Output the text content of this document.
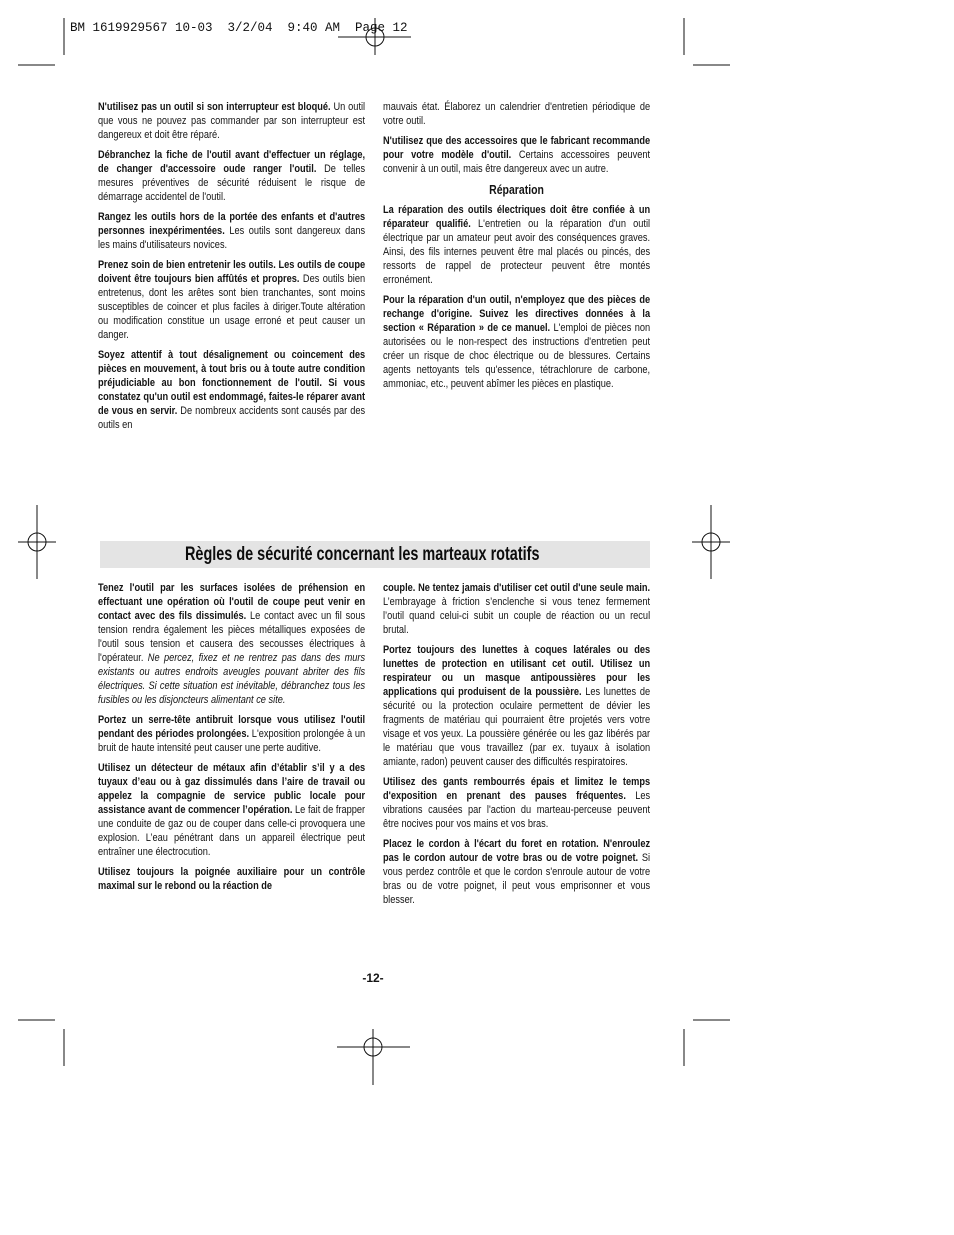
BM 1619929567 10-03  3/2/04  9:40 AM  Page 12

N'utilisez pas un outil si son interrupteur est bloqué. Un outil que vous ne pouvez pas commander par son interrupteur est dangereux et doit être réparé.

Débranchez la fiche de l'outil avant d'effectuer un réglage, de changer d'accessoire oude ranger l'outil. De telles mesures préventives de sécurité réduisent le risque de démarrage accidentel de l'outil.

Rangez les outils hors de la portée des enfants et d'autres personnes inexpérimentées. Les outils sont dangereux dans les mains d'utilisateurs novices.

Prenez soin de bien entretenir les outils. Les outils de coupe doivent être toujours bien affûtés et propres. Des outils bien entretenus, dont les arêtes sont bien tranchantes, sont moins susceptibles de coincer et plus faciles à diriger.Toute altération ou modification constitue un usage erroné et peut causer un danger.

Soyez attentif à tout désalignement ou coincement des pièces en mouvement, à tout bris ou à toute autre condition préjudiciable au bon fonctionnement de l'outil. Si vous constatez qu'un outil est endommagé, faites-le réparer avant de vous en servir. De nombreux accidents sont causés par des outils en

mauvais état. Élaborez un calendrier d'entretien périodique de votre outil.

N'utilisez que des accessoires que le fabricant recommande pour votre modèle d'outil. Certains accessoires peuvent convenir à un outil, mais être dangereux avec un autre.

Réparation

La réparation des outils électriques doit être confiée à un réparateur qualifié. L'entretien ou la réparation d'un outil électrique par un amateur peut avoir des conséquences graves. Ainsi, des fils internes peuvent être mal placés ou pincés, des ressorts de rappel de protecteur peuvent être montés erronément.

Pour la réparation d'un outil, n'employez que des pièces de rechange d'origine. Suivez les directives données à la section « Réparation » de ce manuel. L'emploi de pièces non autorisées ou le non-respect des instructions d'entretien peut créer un risque de choc électrique ou de blessures. Certains agents nettoyants tels qu'essence, tétrachlorure de carbone, ammoniac, etc., peuvent abîmer les pièces en plastique.

Règles de sécurité concernant les marteaux rotatifs

Tenez l'outil par les surfaces isolées de préhension en effectuant une opération où l'outil de coupe peut venir en contact avec des fils dissimulés. Le contact avec un fil sous tension rendra également les pièces métalliques exposées de l'outil sous tension et causera des secousses électriques à l'opérateur. Ne percez, fixez et ne rentrez pas dans des murs existants ou autres endroits aveugles pouvant abriter des fils électriques. Si cette situation est inévitable, débranchez tous les fusibles ou les disjoncteurs alimentant ce site.

Portez un serre-tête antibruit lorsque vous utilisez l'outil pendant des périodes prolongées. L'exposition prolongée à un bruit de haute intensité peut causer une perte auditive.

Utilisez un détecteur de métaux afin d’établir s’il y a des tuyaux d’eau ou à gaz dissimulés dans l’aire de travail ou appelez la compagnie de service public locale pour assistance avant de commencer l’opération. Le fait de frapper une conduite de gaz ou de couper dans celle-ci provoquera une explosion. L’eau pénétrant dans un appareil électrique peut entraîner une électrocution.

Utilisez toujours la poignée auxiliaire pour un contrôle maximal sur le rebond ou la réaction de

couple. Ne tentez jamais d'utiliser cet outil d'une seule main. L’embrayage à friction s’enclenche si vous tenez fermement l’outil quand celui-ci subit un couple de réaction ou un recul brutal.

Portez toujours des lunettes à coques latérales ou des lunettes de protection en utilisant cet outil. Utilisez un respirateur ou un masque antipoussières pour les applications qui produisent de la poussière. Les lunettes de sécurité ou la protection oculaire permettent de dévier les fragments de matériau qui pourraient être projetés vers votre visage et vos yeux. La poussière générée ou les gaz libérés par le matériau que vous travaillez (par ex. tuyaux à isolation amiante, radon) peuvent causer des difficultés respiratoires.

Utilisez des gants rembourrés épais et limitez le temps d'exposition en prenant des pauses fréquentes. Les vibrations causées par l'action du marteau-perceuse peuvent être nocives pour vos mains et vos bras.

Placez le cordon à l'écart du foret en rotation. N'enroulez pas le cordon autour de votre bras ou de votre poignet. Si vous perdez contrôle et que le cordon s'enroule autour de votre bras ou de votre poignet, il peut vous emprisonner et vous blesser.

-12-
